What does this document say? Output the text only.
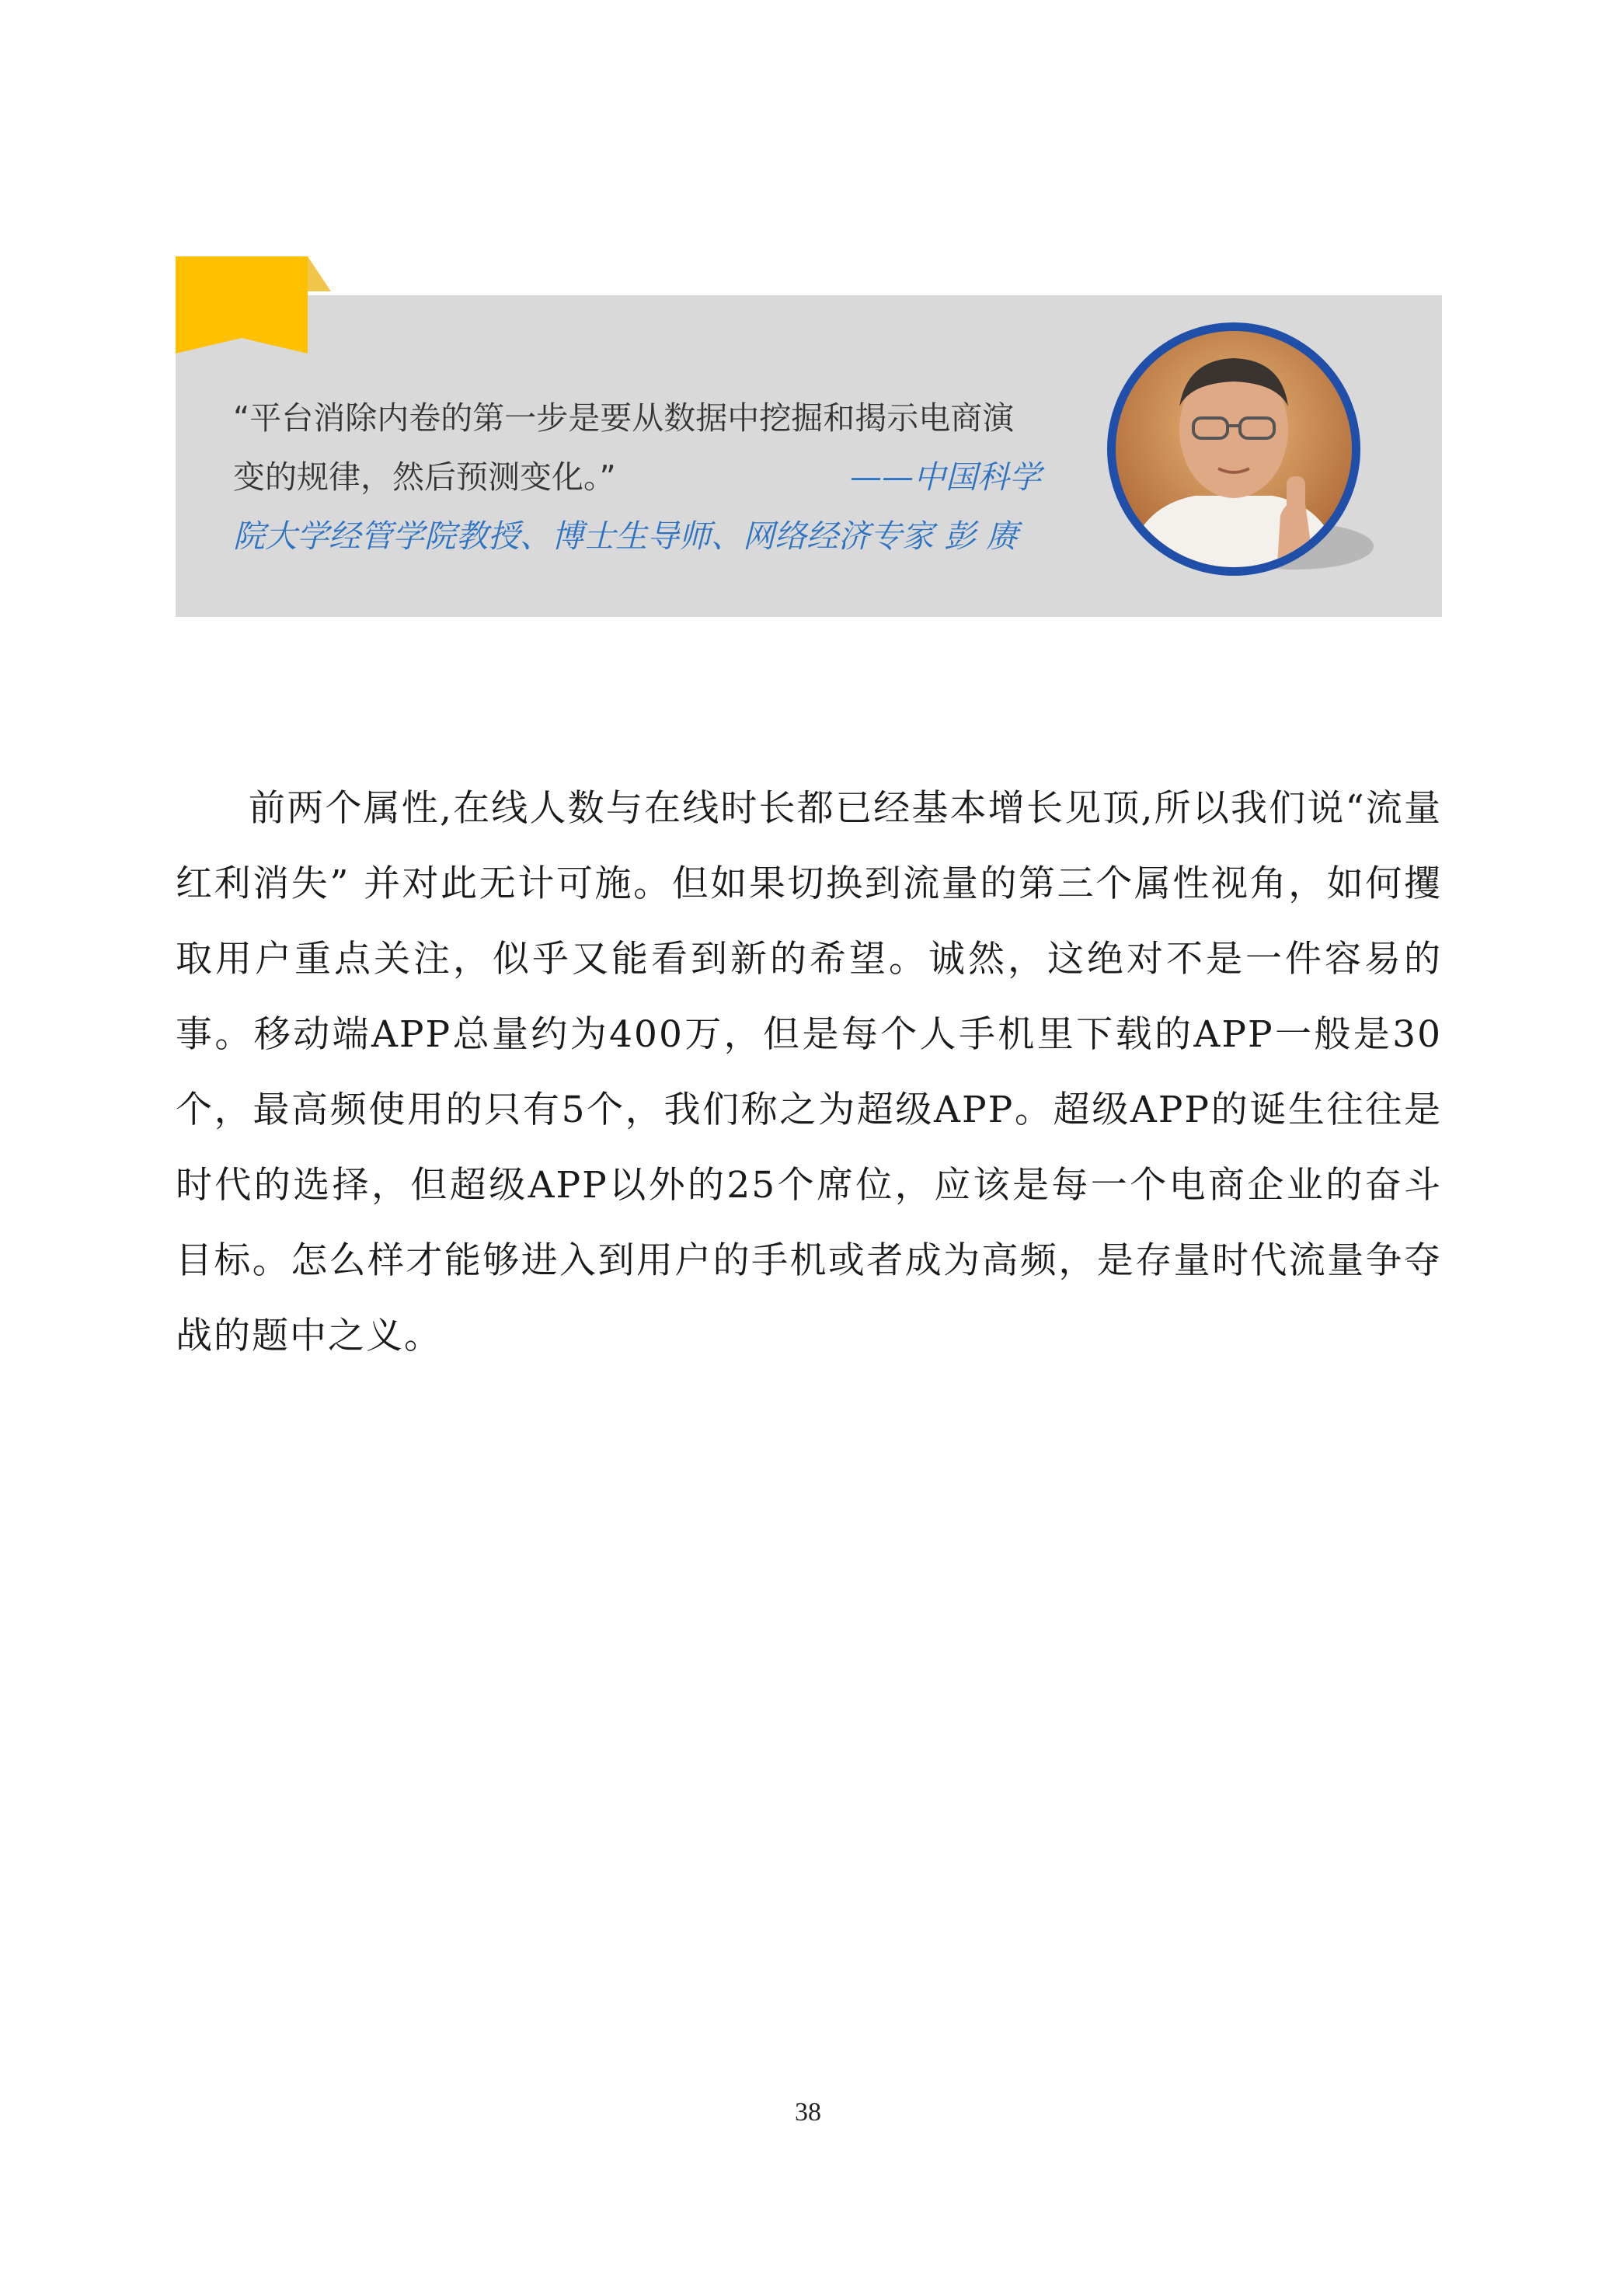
“平台消除内卷的第一步是要从数据中挖掘和揭示电商演
变的规律，然后预测变化。”	——中国科学
院大学经管学院教授、博士生导师、网络经济专家 彭 赓

前两个属性,在线人数与在线时长都已经基本增长见顶,所以我们说“流量红利消失” 并对此无计可施。但如果切换到流量的第三个属性视角，如何攫取用户重点关注，似乎又能看到新的希望。诚然，这绝对不是一件容易的事。移动端APP总量约为400万，但是每个人手机里下载的APP一般是30个，最高频使用的只有5个，我们称之为超级APP。超级APP的诞生往往是时代的选择，但超级APP以外的25个席位，应该是每一个电商企业的奋斗目标。怎么样才能够进入到用户的手机或者成为高频，是存量时代流量争夺战的题中之义。

38
